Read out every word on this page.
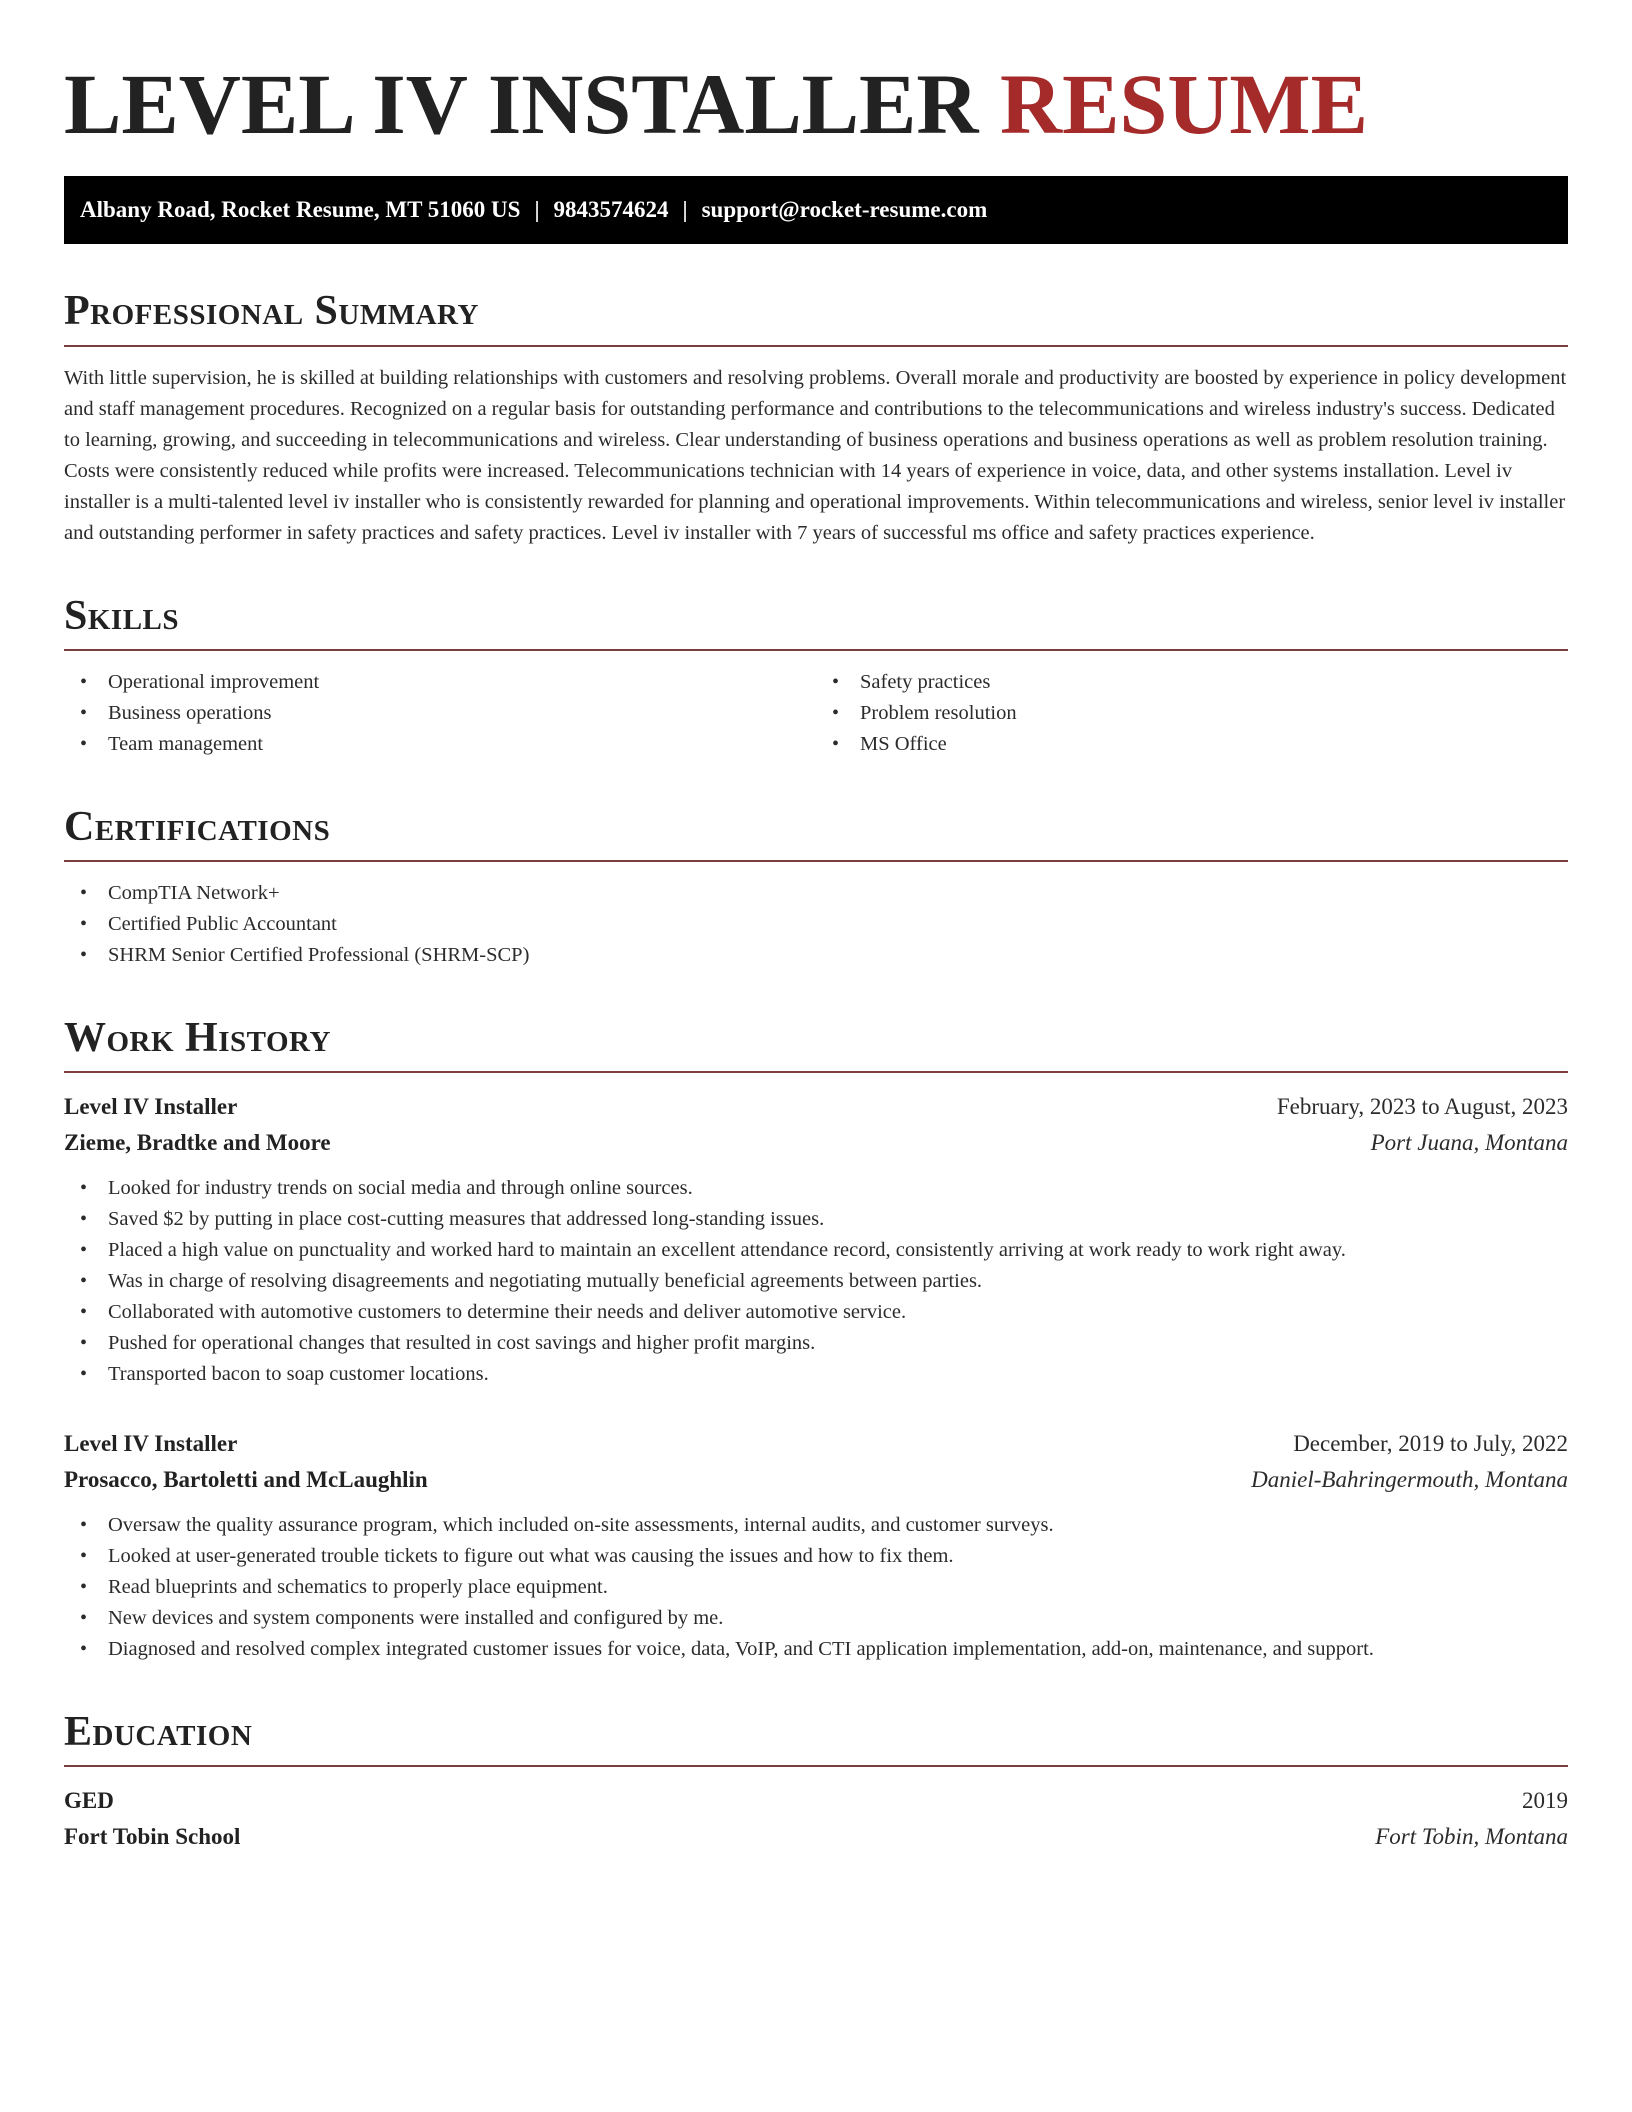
LEVEL IV INSTALLER RESUME
Albany Road, Rocket Resume, MT 51060 US | 9843574624 | support@rocket-resume.com
Professional Summary

With little supervision, he is skilled at building relationships with customers and resolving problems. Overall morale and productivity are boosted by experience in policy development and staff management procedures. Recognized on a regular basis for outstanding performance and contributions to the telecommunications and wireless industry's success. Dedicated to learning, growing, and succeeding in telecommunications and wireless. Clear understanding of business operations and business operations as well as problem resolution training. Costs were consistently reduced while profits were increased. Telecommunications technician with 14 years of experience in voice, data, and other systems installation. Level iv installer is a multi-talented level iv installer who is consistently rewarded for planning and operational improvements. Within telecommunications and wireless, senior level iv installer and outstanding performer in safety practices and safety practices. Level iv installer with 7 years of successful ms office and safety practices experience.

Skills
• Operational improvement
• Business operations
• Team management
• Safety practices
• Problem resolution
• MS Office
Certifications
• CompTIA Network+
• Certified Public Accountant
• SHRM Senior Certified Professional (SHRM-SCP)
Work History
Level IV Installer	February, 2023 to August, 2023
Zieme, Bradtke and Moore	Port Juana, Montana
• Looked for industry trends on social media and through online sources.
• Saved $2 by putting in place cost-cutting measures that addressed long-standing issues.
• Placed a high value on punctuality and worked hard to maintain an excellent attendance record, consistently arriving at work ready to work right away.
• Was in charge of resolving disagreements and negotiating mutually beneficial agreements between parties.
• Collaborated with automotive customers to determine their needs and deliver automotive service.
• Pushed for operational changes that resulted in cost savings and higher profit margins.
• Transported bacon to soap customer locations.
Level IV Installer	December, 2019 to July, 2022
Prosacco, Bartoletti and McLaughlin	Daniel-Bahringermouth, Montana
• Oversaw the quality assurance program, which included on-site assessments, internal audits, and customer surveys.
• Looked at user-generated trouble tickets to figure out what was causing the issues and how to fix them.
• Read blueprints and schematics to properly place equipment.
• New devices and system components were installed and configured by me.
• Diagnosed and resolved complex integrated customer issues for voice, data, VoIP, and CTI application implementation, add-on, maintenance, and support.
Education
GED	2019
Fort Tobin School	Fort Tobin, Montana
